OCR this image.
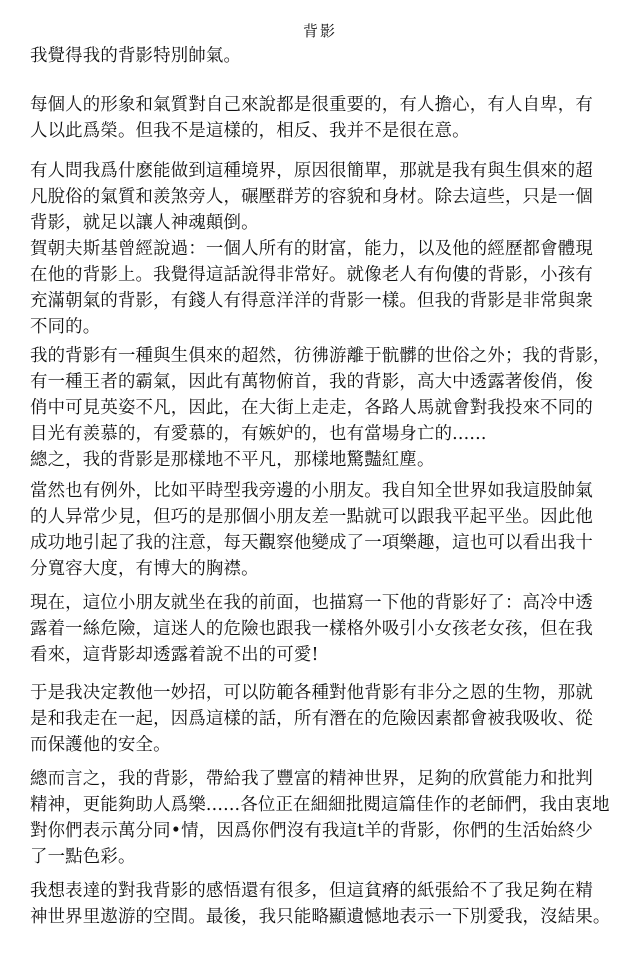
背影
我覺得我的背影特別帥氣。
每個人的形象和氣質對自己來說都是很重要的，有人擔心，有人自卑，有
人以此爲榮。但我不是這樣的，相反、我并不是很在意。
有人問我爲什麽能做到這種境界，原因很簡單，那就是我有與生俱來的超
凡脫俗的氣質和羨煞旁人，碾壓群芳的容貌和身材。除去這些，只是一個
背影，就足以讓人神魂顛倒。
賀朝夫斯基曾經說過：一個人所有的財富，能力，以及他的經歷都會體現
在他的背影上。我覺得這話說得非常好。就像老人有佝僂的背影，小孩有
充滿朝氣的背影，有錢人有得意洋洋的背影一樣。但我的背影是非常與衆
不同的。
我的背影有一種與生俱來的超然，彷彿游離于骯髒的世俗之外；我的背影，
有一種王者的霸氣，因此有萬物俯首，我的背影，高大中透露著俊俏，俊
俏中可見英姿不凡，因此，在大街上走走，各路人馬就會對我投來不同的
目光有羨慕的，有愛慕的，有嫉妒的，也有當場身亡的......
總之，我的背影是那樣地不平凡，那樣地驚豔紅塵。
當然也有例外，比如平時型我旁邊的小朋友。我自知全世界如我這股帥氣
的人异常少見，但巧的是那個小朋友差一點就可以跟我平起平坐。因此他
成功地引起了我的注意，每天觀察他變成了一項樂趣，這也可以看出我十
分寬容大度，有博大的胸襟。
現在，這位小朋友就坐在我的前面，也描寫一下他的背影好了：高冷中透
露着一絲危險，這迷人的危險也跟我一樣格外吸引小女孩老女孩，但在我
看來，這背影却透露着說不出的可愛!
于是我决定教他一妙招，可以防範各種對他背影有非分之恩的生物，那就
是和我走在一起，因爲這樣的話，所有潛在的危險因素都會被我吸收、從
而保護他的安全。
總而言之，我的背影，帶給我了豐富的精神世界，足夠的欣賞能力和批判
精神，更能夠助人爲樂......各位正在細細批閱這篇佳作的老師們，我由衷地
對你們表示萬分同•情，因爲你們沒有我這t羊的背影，你們的生活始終少
了一點色彩。
我想表達的對我背影的感悟還有很多，但這貧瘠的紙張給不了我足夠在精
神世界里遨游的空間。最後，我只能略顯遺憾地表示一下別愛我，沒結果。
